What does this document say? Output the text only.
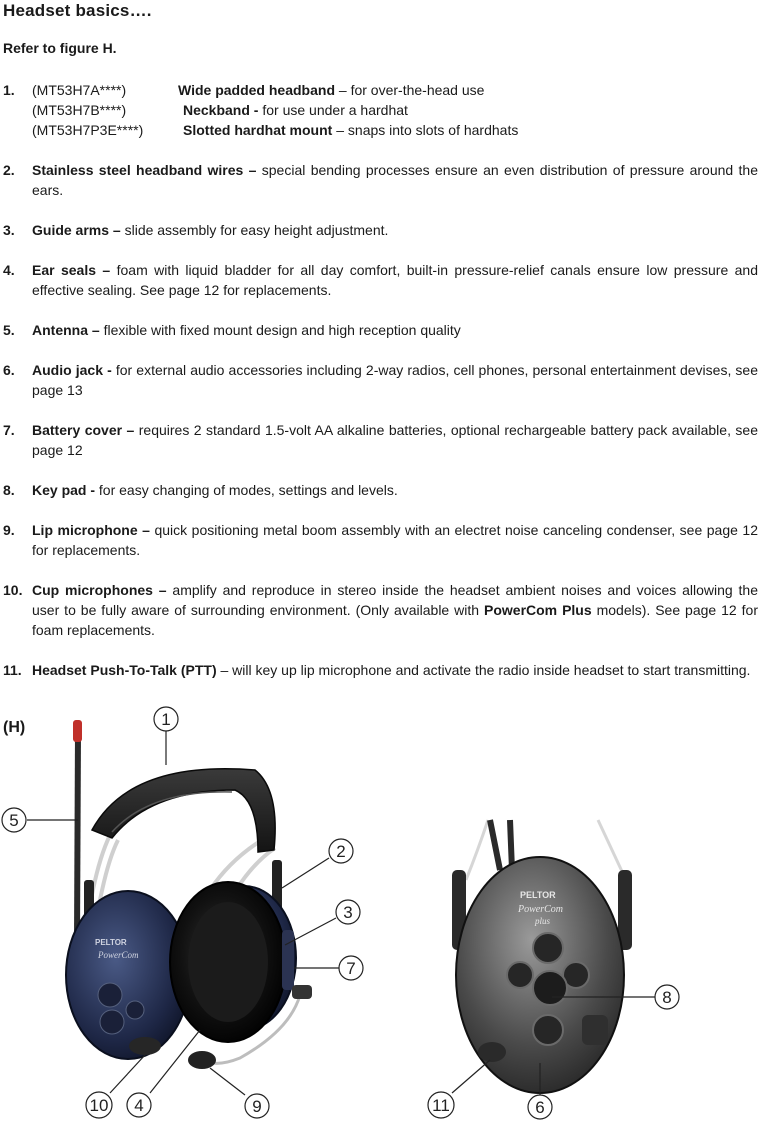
Headset basics….
Refer to figure H.
1. (MT53H7A****)	Wide padded headband – for over-the-head use
(MT53H7B****)	Neckband - for use under a hardhat
(MT53H7P3E****)	Slotted hardhat mount – snaps into slots of hardhats
2. Stainless steel headband wires – special bending processes ensure an even distribution of pressure around the ears.
3. Guide arms – slide assembly for easy height adjustment.
4. Ear seals – foam with liquid bladder for all day comfort, built-in pressure-relief canals ensure low pressure and effective sealing. See page 12 for replacements.
5. Antenna – flexible with fixed mount design and high reception quality
6. Audio jack - for external audio accessories including 2-way radios, cell phones, personal entertainment devises, see page 13
7. Battery cover – requires 2 standard 1.5-volt AA alkaline batteries, optional rechargeable battery pack available, see page 12
8. Key pad - for easy changing of modes, settings and levels.
9. Lip microphone – quick positioning metal boom assembly with an electret noise canceling condenser, see page 12 for replacements.
10. Cup microphones – amplify and reproduce in stereo inside the headset ambient noises and voices allowing the user to be fully aware of surrounding environment. (Only available with PowerCom Plus models). See page 12 for foam replacements.
11. Headset Push-To-Talk (PTT) – will key up lip microphone and activate the radio inside headset to start transmitting.
(H)
PELTOR
PowerCom
PELTOR
PowerCom
plus
1
5
2
3
7
8
10 4	9	11	6
